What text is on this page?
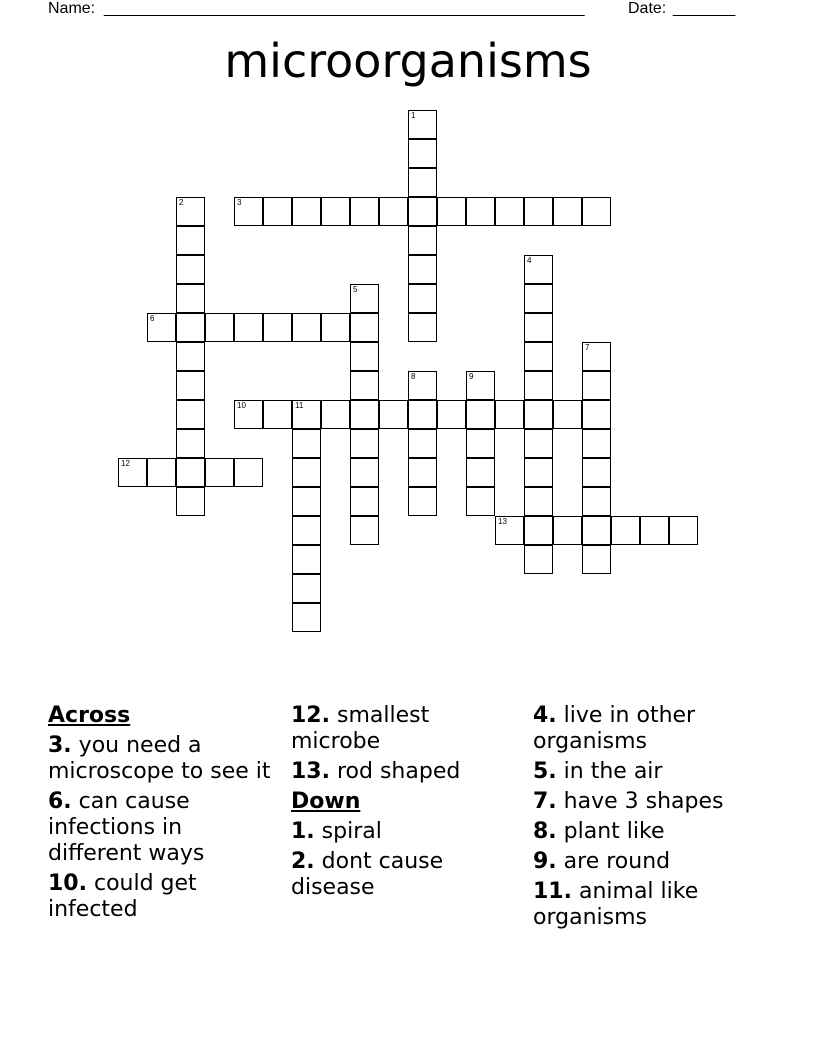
Name: ______________________________________________________	Date: _______
microorganisms
1
2	3
4
5
6
7
8	9
10	11
12
13
Across
3. you need a microscope to see it
6. can cause infections in different ways
10. could get infected
12. smallest microbe
13. rod shaped
Down
1. spiral
2. dont cause disease
4. live in other organisms
5. in the air
7. have 3 shapes
8. plant like
9. are round
11. animal like organisms
